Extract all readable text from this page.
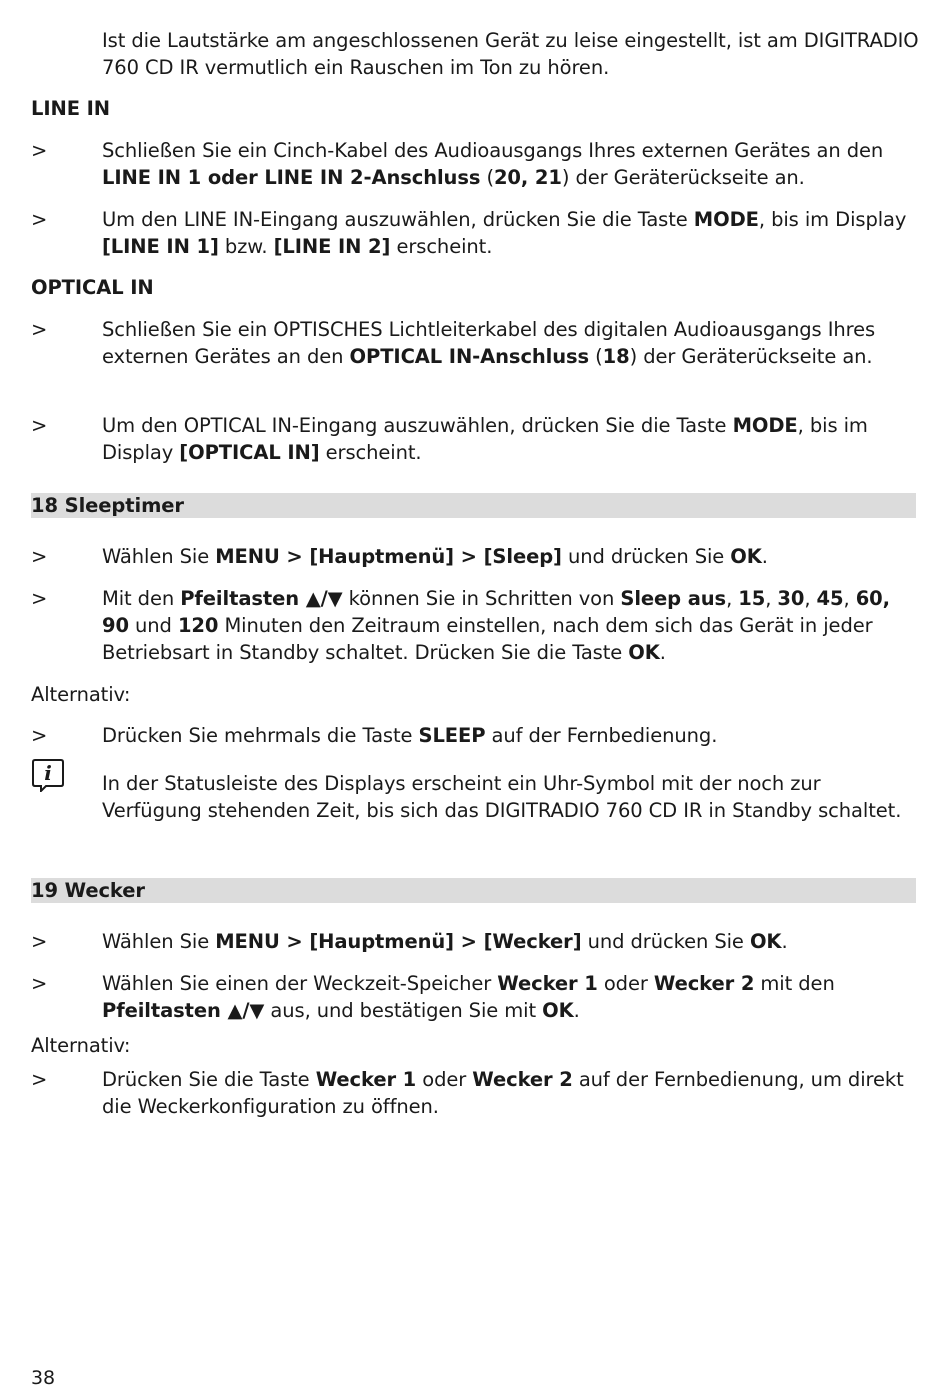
Ist die Lautstärke am angeschlossenen Gerät zu leise eingestellt, ist am DIGITRADIO 760 CD IR vermutlich ein Rauschen im Ton zu hören.

LINE IN
>	Schließen Sie ein Cinch-Kabel des Audioausgangs Ihres externen Gerätes an den LINE IN 1 oder LINE IN 2-Anschluss (20, 21) der Geräterückseite an.
>	Um den LINE IN-Eingang auszuwählen, drücken Sie die Taste MODE, bis im Display [LINE IN 1] bzw. [LINE IN 2] erscheint.
OPTICAL IN
>	Schließen Sie ein OPTISCHES Lichtleiterkabel des digitalen Audioausgangs Ihres externen Gerätes an den OPTICAL IN-Anschluss (18) der Geräterückseite an.
>	Um den OPTICAL IN-Eingang auszuwählen, drücken Sie die Taste MODE, bis im Display [OPTICAL IN] erscheint.
18 Sleeptimer
>	Wählen Sie MENU > [Hauptmenü] > [Sleep] und drücken Sie OK.
>	Mit den Pfeiltasten ▲/▼ können Sie in Schritten von Sleep aus, 15, 30, 45, 60, 90 und 120 Minuten den Zeitraum einstellen, nach dem sich das Gerät in jeder Betriebsart in Standby schaltet. Drücken Sie die Taste OK.
Alternativ:
>	Drücken Sie mehrmals die Taste SLEEP auf der Fernbedienung.
i	In der Statusleiste des Displays erscheint ein Uhr-Symbol mit der noch zur Verfügung stehenden Zeit, bis sich das DIGITRADIO 760 CD IR in Standby schaltet.

19 Wecker
>	Wählen Sie MENU > [Hauptmenü] > [Wecker] und drücken Sie OK.
>	Wählen Sie einen der Weckzeit-Speicher Wecker 1 oder Wecker 2 mit den Pfeiltasten ▲/▼ aus, und bestätigen Sie mit OK.
Alternativ:
>	Drücken Sie die Taste Wecker 1 oder Wecker 2 auf der Fernbedienung, um direkt die Weckerkonfiguration zu öffnen.
38
